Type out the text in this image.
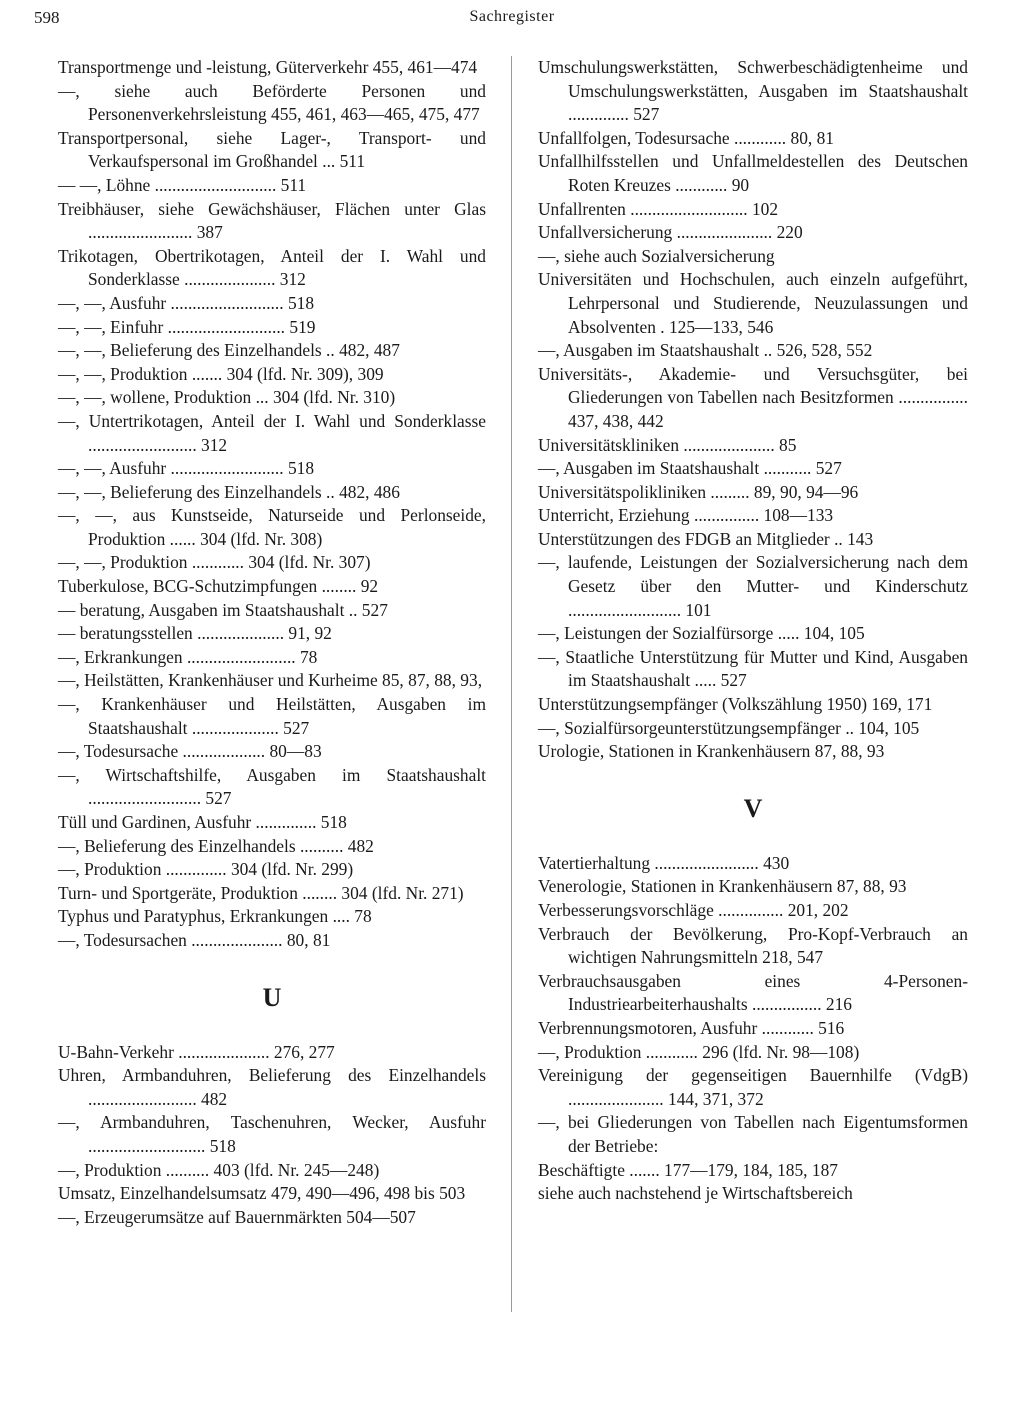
598	Sachregister
Transportmenge und -leistung, Güterverkehr 455, 461—474
—, siehe auch Beförderte Personen und Personenverkehrsleistung 455, 461, 463—465, 475, 477
Transportpersonal, siehe Lager-, Transport- und Verkaufspersonal im Großhandel ... 511
— —, Löhne ............................ 511
Treibhäuser, siehe Gewächshäuser, Flächen unter Glas ........................ 387
Trikotagen, Obertrikotagen, Anteil der I. Wahl und Sonderklasse ..................... 312
—, —, Ausfuhr .......................... 518
—, —, Einfuhr ........................... 519
—, —, Belieferung des Einzelhandels .. 482, 487
—, —, Produktion ....... 304 (lfd. Nr. 309), 309
—, —, wollene, Produktion ... 304 (lfd. Nr. 310)
—, Untertrikotagen, Anteil der I. Wahl und Sonderklasse ......................... 312
—, —, Ausfuhr .......................... 518
—, —, Belieferung des Einzelhandels .. 482, 486
—, —, aus Kunstseide, Naturseide und Perlonseide, Produktion ...... 304 (lfd. Nr. 308)
—, —, Produktion ............ 304 (lfd. Nr. 307)
Tuberkulose, BCG-Schutzimpfungen ........ 92
— beratung, Ausgaben im Staatshaushalt .. 527
— beratungsstellen .................... 91, 92
—, Erkrankungen ......................... 78
—, Heilstätten, Krankenhäuser und Kurheime 85, 87, 88, 93,
—, Krankenhäuser und Heilstätten, Ausgaben im Staatshaushalt .................... 527
—, Todesursache ................... 80—83
—, Wirtschaftshilfe, Ausgaben im Staatshaushalt .......................... 527
Tüll und Gardinen, Ausfuhr .............. 518
—, Belieferung des Einzelhandels .......... 482
—, Produktion .............. 304 (lfd. Nr. 299)
Turn- und Sportgeräte, Produktion ........ 304 (lfd. Nr. 271)
Typhus und Paratyphus, Erkrankungen .... 78
—, Todesursachen ..................... 80, 81
U
U-Bahn-Verkehr ..................... 276, 277
Uhren, Armbanduhren, Belieferung des Einzelhandels ......................... 482
—, Armbanduhren, Taschenuhren, Wecker, Ausfuhr ........................... 518
—, Produktion .......... 403 (lfd. Nr. 245—248)
Umsatz, Einzelhandelsumsatz 479, 490—496, 498 bis 503
—, Erzeugerumsätze auf Bauernmärkten 504—507
Umschulungswerkstätten, Schwerbeschädigtenheime und Umschulungswerkstätten, Ausgaben im Staatshaushalt .............. 527
Unfallfolgen, Todesursache ............ 80, 81
Unfallhilfsstellen und Unfallmeldestellen des Deutschen Roten Kreuzes ............ 90
Unfallrenten ........................... 102
Unfallversicherung ...................... 220
—, siehe auch Sozialversicherung
Universitäten und Hochschulen, auch einzeln aufgeführt, Lehrpersonal und Studierende, Neuzulassungen und Absolventen . 125—133, 546
—, Ausgaben im Staatshaushalt .. 526, 528, 552
Universitäts-, Akademie- und Versuchsgüter, bei Gliederungen von Tabellen nach Besitzformen ................ 437, 438, 442
Universitätskliniken ..................... 85
—, Ausgaben im Staatshaushalt ........... 527
Universitätspolikliniken ......... 89, 90, 94—96
Unterricht, Erziehung ............... 108—133
Unterstützungen des FDGB an Mitglieder .. 143
—, laufende, Leistungen der Sozialversicherung nach dem Gesetz über den Mutter- und Kinderschutz .......................... 101
—, Leistungen der Sozialfürsorge ..... 104, 105
—, Staatliche Unterstützung für Mutter und Kind, Ausgaben im Staatshaushalt ..... 527
Unterstützungsempfänger (Volkszählung 1950) 169, 171
—, Sozialfürsorgeunterstützungsempfänger .. 104, 105
Urologie, Stationen in Krankenhäusern 87, 88, 93
V
Vatertierhaltung ........................ 430
Venerologie, Stationen in Krankenhäusern 87, 88, 93
Verbesserungsvorschläge ............... 201, 202
Verbrauch der Bevölkerung, Pro-Kopf-Verbrauch an wichtigen Nahrungsmitteln 218, 547
Verbrauchsausgaben eines 4-Personen-Industriearbeiterhaushalts ................ 216
Verbrennungsmotoren, Ausfuhr ............ 516
—, Produktion ............ 296 (lfd. Nr. 98—108)
Vereinigung der gegenseitigen Bauernhilfe (VdgB) ...................... 144, 371, 372
—, bei Gliederungen von Tabellen nach Eigentumsformen der Betriebe:
Beschäftigte ....... 177—179, 184, 185, 187
siehe auch nachstehend je Wirtschaftsbereich
